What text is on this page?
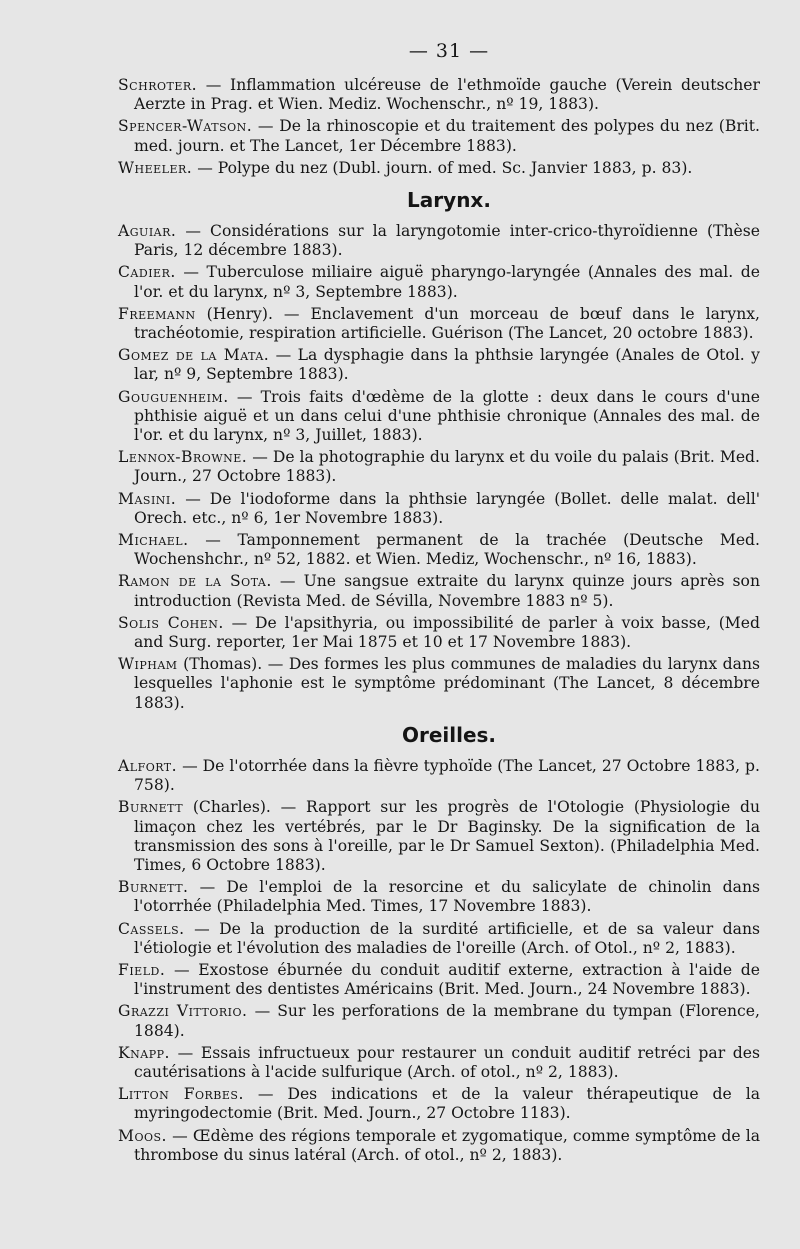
— 31 —
Schroter. — Inflammation ulcéreuse de l'ethmoïde gauche (Verein deutscher Aerzte in Prag. et Wien. Mediz. Wochenschr., nº 19, 1883).
Spencer-Watson. — De la rhinoscopie et du traitement des polypes du nez (Brit. med. journ. et The Lancet, 1er Décembre 1883).
Wheeler. — Polype du nez (Dubl. journ. of med. Sc. Janvier 1883, p. 83).
Larynx.
Aguiar. — Considérations sur la laryngotomie inter-crico-thyroïdienne (Thèse Paris, 12 décembre 1883).
Cadier. — Tuberculose miliaire aiguë pharyngo-laryngée (Annales des mal. de l'or. et du larynx, nº 3, Septembre 1883).
Freemann (Henry). — Enclavement d'un morceau de bœuf dans le larynx, trachéotomie, respiration artificielle. Guérison (The Lancet, 20 octobre 1883).
Gomez de la Mata. — La dysphagie dans la phthsie laryngée (Anales de Otol. y lar, nº 9, Septembre 1883).
Gouguenheim. — Trois faits d'œdème de la glotte : deux dans le cours d'une phthisie aiguë et un dans celui d'une phthisie chronique (Annales des mal. de l'or. et du larynx, nº 3, Juillet, 1883).
Lennox-Browne. — De la photographie du larynx et du voile du palais (Brit. Med. Journ., 27 Octobre 1883).
Masini. — De l'iodoforme dans la phthsie laryngée (Bollet. delle malat. dell' Orech. etc., nº 6, 1er Novembre 1883).
Michael. — Tamponnement permanent de la trachée (Deutsche Med. Wochenshchr., nº 52, 1882. et Wien. Mediz, Wochenschr., nº 16, 1883).
Ramon de la Sota. — Une sangsue extraite du larynx quinze jours après son introduction (Revista Med. de Sévilla, Novembre 1883 nº 5).
Solis Cohen. — De l'apsithyria, ou impossibilité de parler à voix basse, (Med and Surg. reporter, 1er Mai 1875 et 10 et 17 Novembre 1883).
Wipham (Thomas). — Des formes les plus communes de maladies du larynx dans lesquelles l'aphonie est le symptôme prédominant (The Lancet, 8 décembre 1883).
Oreilles.
Alfort. — De l'otorrhée dans la fièvre typhoïde (The Lancet, 27 Octobre 1883, p. 758).
Burnett (Charles). — Rapport sur les progrès de l'Otologie (Physiologie du limaçon chez les vertébrés, par le Dr Baginsky. De la signification de la transmission des sons à l'oreille, par le Dr Samuel Sexton). (Philadelphia Med. Times, 6 Octobre 1883).
Burnett. — De l'emploi de la resorcine et du salicylate de chinolin dans l'otorrhée (Philadelphia Med. Times, 17 Novembre 1883).
Cassels. — De la production de la surdité artificielle, et de sa valeur dans l'étiologie et l'évolution des maladies de l'oreille (Arch. of Otol., nº 2, 1883).
Field. — Exostose éburnée du conduit auditif externe, extraction à l'aide de l'instrument des dentistes Américains (Brit. Med. Journ., 24 Novembre 1883).
Grazzi Vittorio. — Sur les perforations de la membrane du tympan (Florence, 1884).
Knapp. — Essais infructueux pour restaurer un conduit auditif retréci par des cautérisations à l'acide sulfurique (Arch. of otol., nº 2, 1883).
Litton Forbes. — Des indications et de la valeur thérapeutique de la myringodectomie (Brit. Med. Journ., 27 Octobre 1183).
Moos. — Œdème des régions temporale et zygomatique, comme symptôme de la thrombose du sinus latéral (Arch. of otol., nº 2, 1883).
